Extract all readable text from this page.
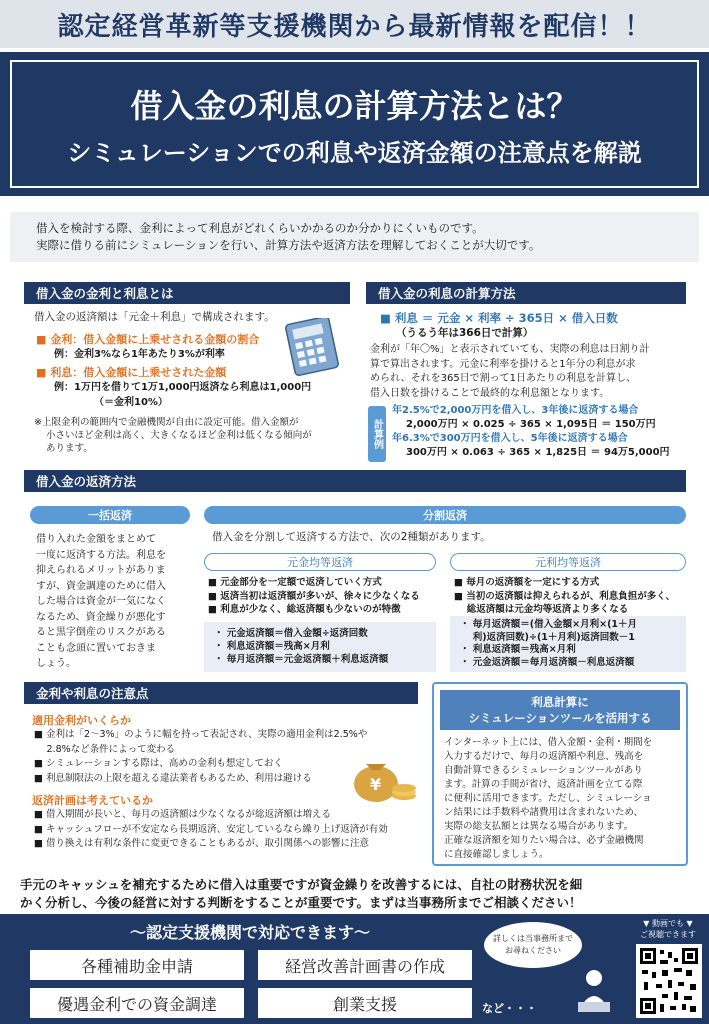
認定経営革新等支援機関から最新情報を配信！！
借入金の利息の計算方法とは？
シミュレーションでの利息や返済金額の注意点を解説
借入を検討する際、金利によって利息がどれくらいかかるのか分かりにくいものです。
実際に借りる前にシミュレーションを行い、計算方法や返済方法を理解しておくことが大切です。
借入金の金利と利息とは
借入金の返済額は「元金＋利息」で構成されます。
■ 金利：借入金額に上乗せされる金額の割合
例：金利3%なら1年あたり3%が利率
■ 利息：借入金額に上乗せされた金額
例：1万円を借りて1万1,000円返済なら利息は1,000円
（＝金利10%）
※上限金利の範囲内で金融機関が自由に設定可能。借入金額が
小さいほど金利は高く、大きくなるほど金利は低くなる傾向が
あります。
借入金の利息の計算方法
■ 利息 ＝ 元金 × 利率 ÷ 365日 × 借入日数
（うるう年は366日で計算）
金利が「年〇%」と表示されていても、実際の利息は日割り計
算で算出されます。元金に利率を掛けると1年分の利息が求
められ、それを365日で割って1日あたりの利息を計算し、
借入日数を掛けることで最終的な利息額となります。
計算例
年2.5%で2,000万円を借入し、3年後に返済する場合
2,000万円 × 0.025 ÷ 365 × 1,095日 ＝ 150万円
年6.3%で300万円を借入し、5年後に返済する場合
300万円 × 0.063 ÷ 365 × 1,825日 ＝ 94万5,000円
借入金の返済方法
一括返済
借り入れた金額をまとめて
一度に返済する方法。利息を
抑えられるメリットがありま
すが、資金調達のために借入
した場合は資金が一気になく
なるため、資金繰りが悪化す
ると黒字倒産のリスクがある
ことも念頭に置いておきま
しょう。
分割返済
借入金を分割して返済する方法で、次の2種類があります。
元金均等返済	元利均等返済
■ 元金部分を一定額で返済していく方式
■ 返済当初は返済額が多いが、徐々に少なくなる
■ 利息が少なく、総返済額も少ないのが特徴
■ 毎月の返済額を一定にする方式
■ 当初の返済額は抑えられるが、利息負担が多く、
　 総返済額は元金均等返済より多くなる
・ 元金返済額＝借入金額÷返済回数
・ 利息返済額＝残高×月利
・ 毎月返済額＝元金返済額＋利息返済額
・ 毎月返済額＝(借入金額×月利×(1＋月
　 利)返済回数)÷(1＋月利)返済回数－1
・ 利息返済額＝残高×月利
・ 元金返済額＝毎月返済額－利息返済額
金利や利息の注意点
適用金利がいくらか
■ 金利は「2～3%」のように幅を持って表記され、実際の適用金利は2.5%や
　 2.8%など条件によって変わる
■ シミュレーションする際は、高めの金利も想定しておく
■ 利息制限法の上限を超える違法業者もあるため、利用は避ける
返済計画は考えているか
■ 借入期間が長いと、毎月の返済額は少なくなるが総返済額は増える
■ キャッシュフローが不安定なら長期返済、安定しているなら繰り上げ返済が有効
■ 借り換えは有利な条件に変更できることもあるが、取引関係への影響に注意
¥
利息計算に
シミュレーションツールを活用する
インターネット上には、借入金額・金利・期間を
入力するだけで、毎月の返済額や利息、残高を
自動計算できるシミュレーションツールがあり
ます。計算の手間が省け、返済計画を立てる際
に便利に活用できます。ただし、シミュレーショ
ン結果には手数料や諸費用は含まれないため、
実際の総支払額とは異なる場合があります。
正確な返済額を知りたい場合は、必ず金融機関
に直接確認しましょう。
手元のキャッシュを補充するために借入は重要ですが資金繰りを改善するには、自社の財務状況を細
かく分析し、今後の経営に対する判断をすることが重要です。まずは当事務所までご相談ください！
～認定支援機関で対応できます～
各種補助金申請	経営改善計画書の作成
優遇金利での資金調達	創業支援	など・・・
詳しくは当事務所まで
お尋ねください
▼ 動画でも ▼
ご視聴できます
